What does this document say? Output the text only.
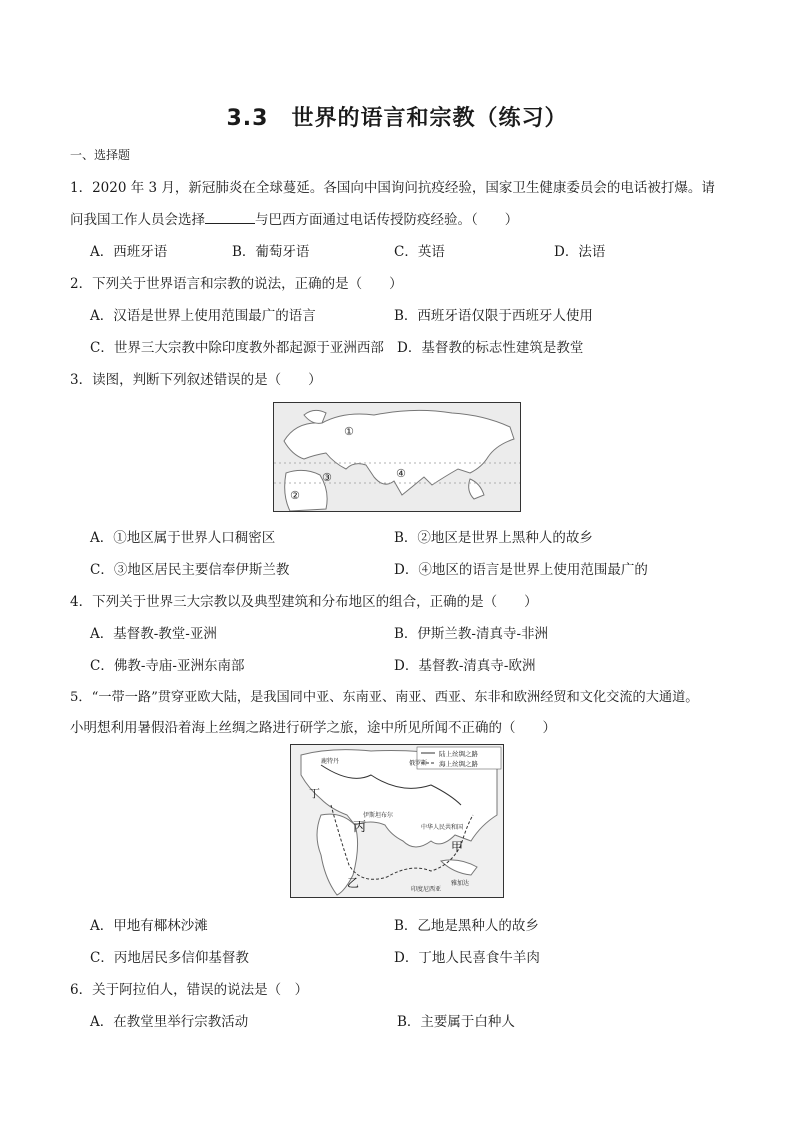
3.3　世界的语言和宗教（练习）
一、选择题
1．2020 年 3 月，新冠肺炎在全球蔓延。各国向中国询问抗疫经验，国家卫生健康委员会的电话被打爆。请
问我国工作人员会选择	与巴西方面通过电话传授防疫经验。（　　）
A．西班牙语	B．葡萄牙语	C．英语	D．法语
2．下列关于世界语言和宗教的说法，正确的是（　　）
A．汉语是世界上使用范围最广的语言	B．西班牙语仅限于西班牙人使用
C．世界三大宗教中除印度教外都起源于亚洲西部 D．基督教的标志性建筑是教堂
3．读图，判断下列叙述错误的是（　　）
①
②
③	④
A．①地区属于世界人口稠密区	B．②地区是世界上黑种人的故乡
C．③地区居民主要信奉伊斯兰教	D．④地区的语言是世界上使用范围最广的
4．下列关于世界三大宗教以及典型建筑和分布地区的组合，正确的是（　　）
A．基督教-教堂-亚洲	B．伊斯兰教-清真寺-非洲
C．佛教-寺庙-亚洲东南部	D．基督教-清真寺-欧洲
5．“一带一路”贯穿亚欧大陆，是我国同中亚、东南亚、南亚、西亚、东非和欧洲经贸和文化交流的大通道。
小明想利用暑假沿着海上丝绸之路进行研学之旅，途中所见所闻不正确的（　　）
陆上丝绸之路
海上丝绸之路
丙
乙
甲
丁
伊斯坦布尔
中华人民共和国
印度尼西亚
俄罗斯
鹿特丹
雅加达
A．甲地有椰林沙滩	B．乙地是黑种人的故乡
C．丙地居民多信仰基督教	D．丁地人民喜食牛羊肉
6．关于阿拉伯人，错误的说法是（　）
A．在教堂里举行宗教活动	B．主要属于白种人
